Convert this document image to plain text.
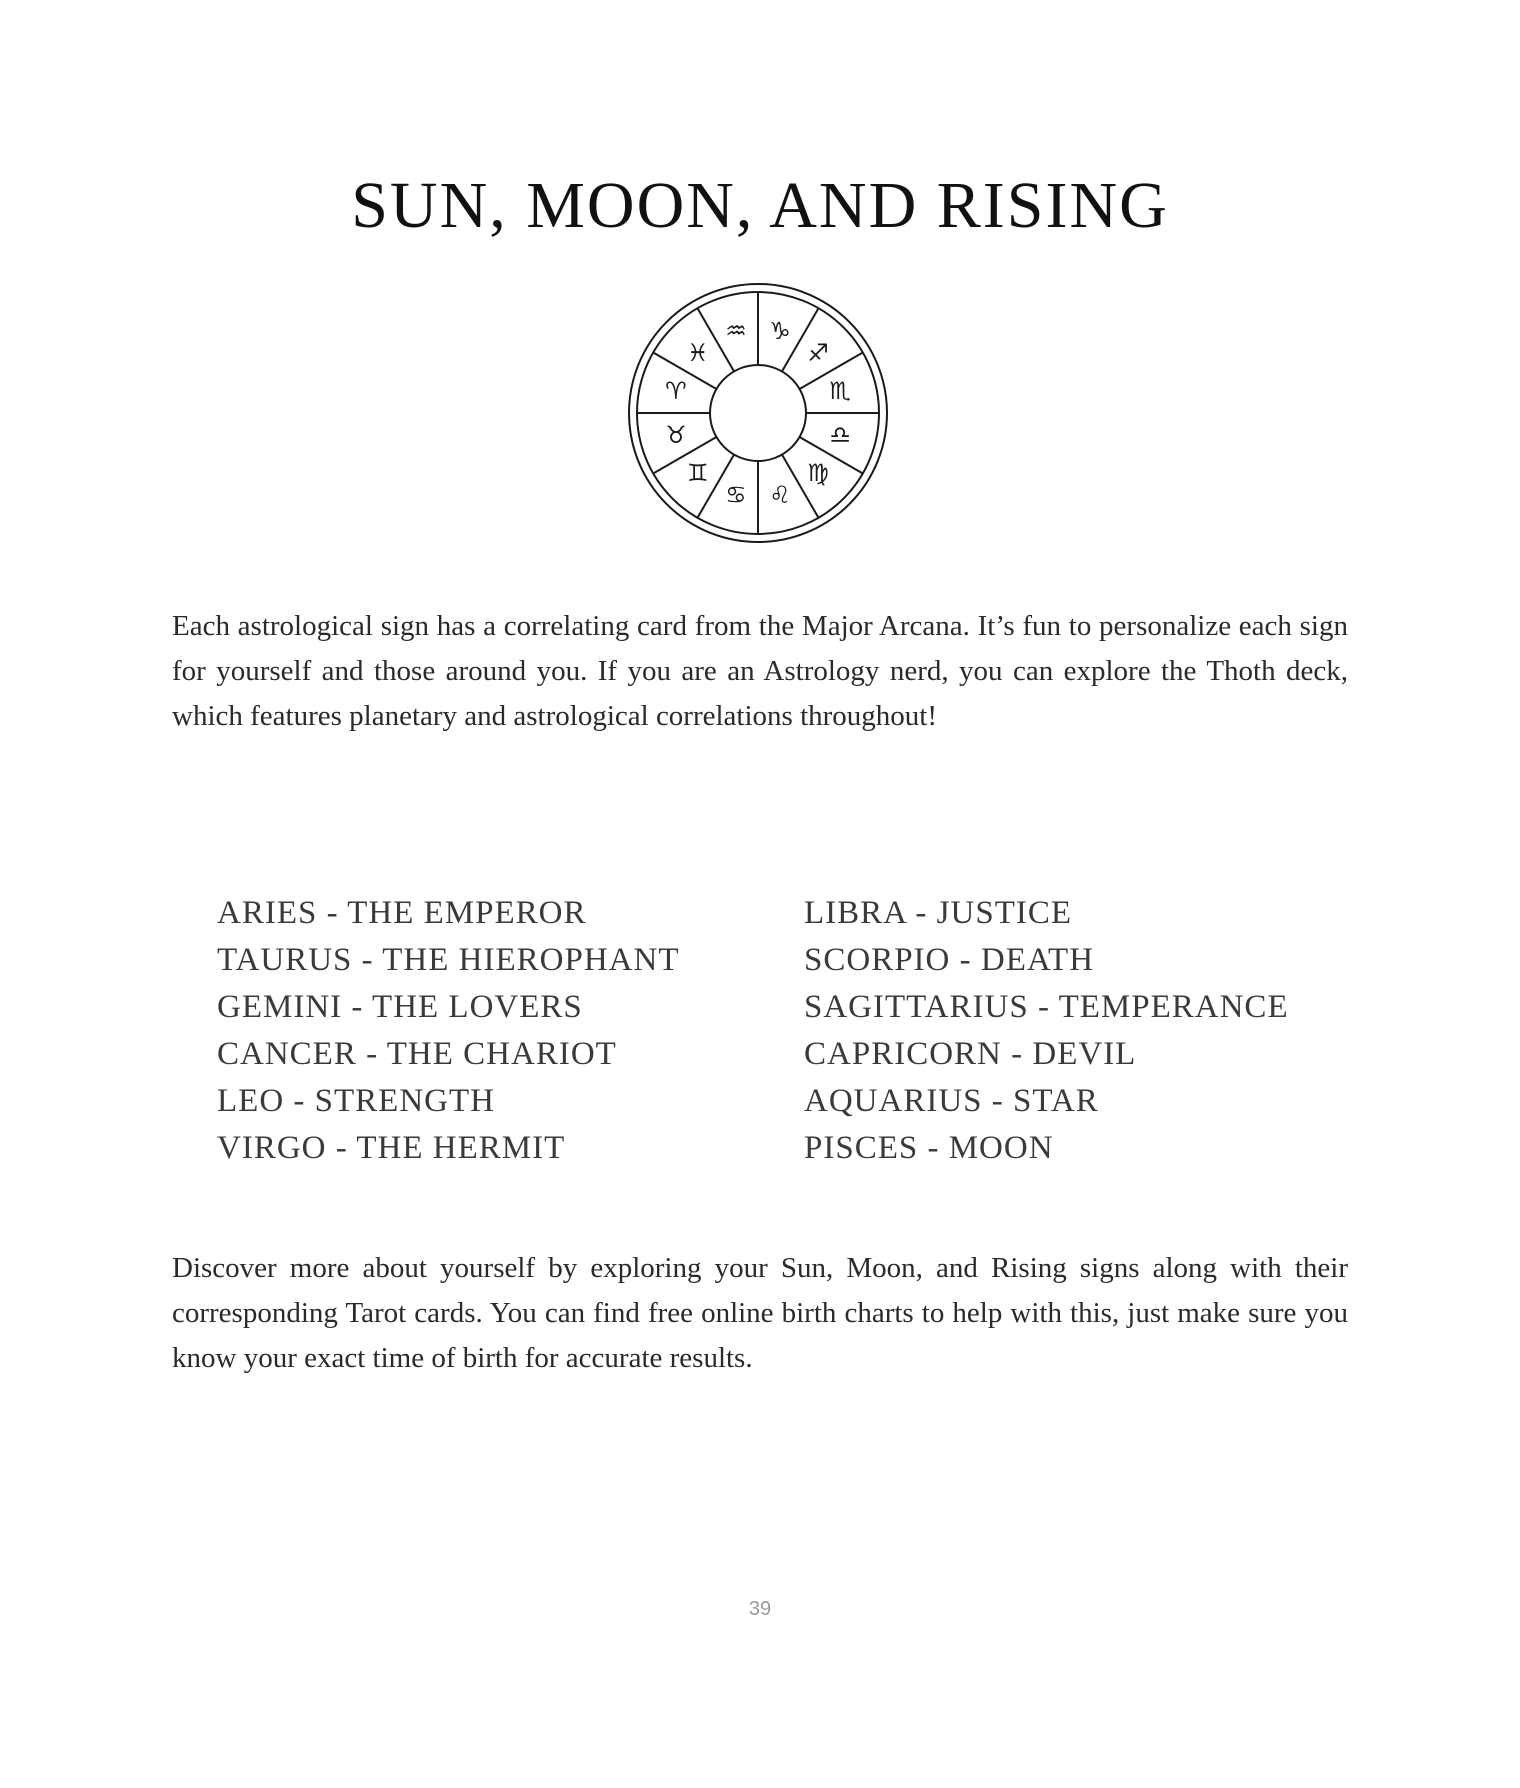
SUN, MOON, AND RISING
♒ ♑
♐
♏
♎
♍
♌
♋
♊
♉
♈
♓

Each astrological sign has a correlating card from the Major Arcana. It’s fun to personalize each sign for yourself and those around you. If you are an Astrology nerd, you can explore the Thoth deck, which features planetary and astrological correlations throughout!

ARIES - THE EMPEROR
TAURUS - THE HIEROPHANT
GEMINI - THE LOVERS
CANCER - THE CHARIOT
LEO - STRENGTH
VIRGO - THE HERMIT
LIBRA - JUSTICE
SCORPIO - DEATH
SAGITTARIUS - TEMPERANCE
CAPRICORN - DEVIL
AQUARIUS - STAR
PISCES - MOON

Discover more about yourself by exploring your Sun, Moon, and Rising signs along with their corresponding Tarot cards. You can find free online birth charts to help with this, just make sure you know your exact time of birth for accurate results.

39
